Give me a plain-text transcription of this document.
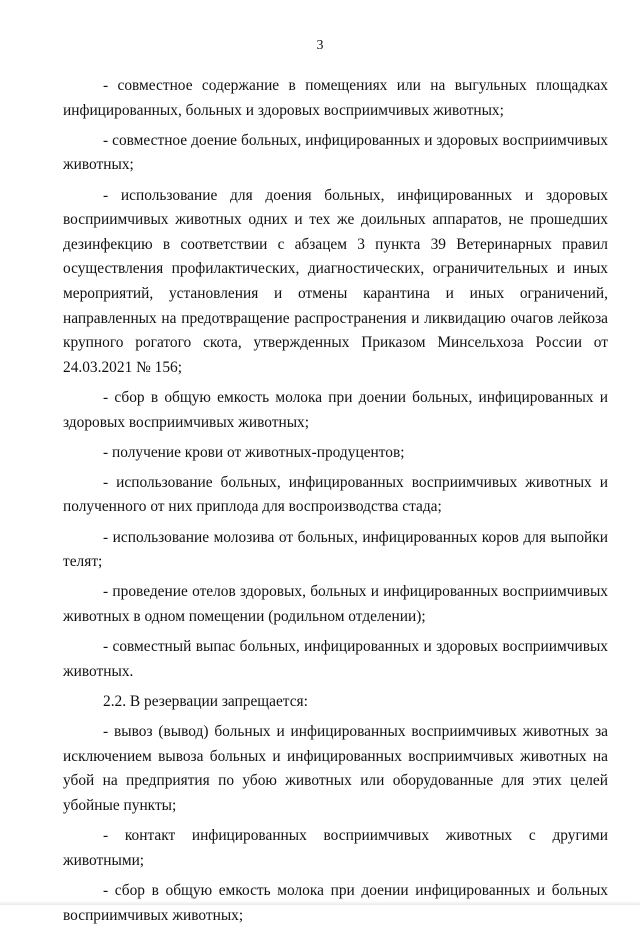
3

- совместное содержание в помещениях или на выгульных площадках инфицированных, больных и здоровых восприимчивых животных;

- совместное доение больных, инфицированных и здоровых восприимчивых животных;

- использование для доения больных, инфицированных и здоровых восприимчивых животных одних и тех же доильных аппаратов, не прошедших дезинфекцию в соответствии с абзацем 3 пункта 39 Ветеринарных правил осуществления профилактических, диагностических, ограничительных и иных мероприятий, установления и отмены карантина и иных ограничений, направленных на предотвращение распространения и ликвидацию очагов лейкоза крупного рогатого скота, утвержденных Приказом Минсельхоза России от 24.03.2021 № 156;

- сбор в общую емкость молока при доении больных, инфицированных и здоровых восприимчивых животных;

- получение крови от животных-продуцентов;

- использование больных, инфицированных восприимчивых животных и полученного от них приплода для воспроизводства стада;

- использование молозива от больных, инфицированных коров для выпойки телят;

- проведение отелов здоровых, больных и инфицированных восприимчивых животных в одном помещении (родильном отделении);

- совместный выпас больных, инфицированных и здоровых восприимчивых животных.

2.2. В резервации запрещается:

- вывоз (вывод) больных и инфицированных восприимчивых животных за исключением вывоза больных и инфицированных восприимчивых животных на убой на предприятия по убою животных или оборудованные для этих целей убойные пункты;

- контакт инфицированных восприимчивых животных с другими животными;

- сбор в общую емкость молока при доении инфицированных и больных восприимчивых животных;
